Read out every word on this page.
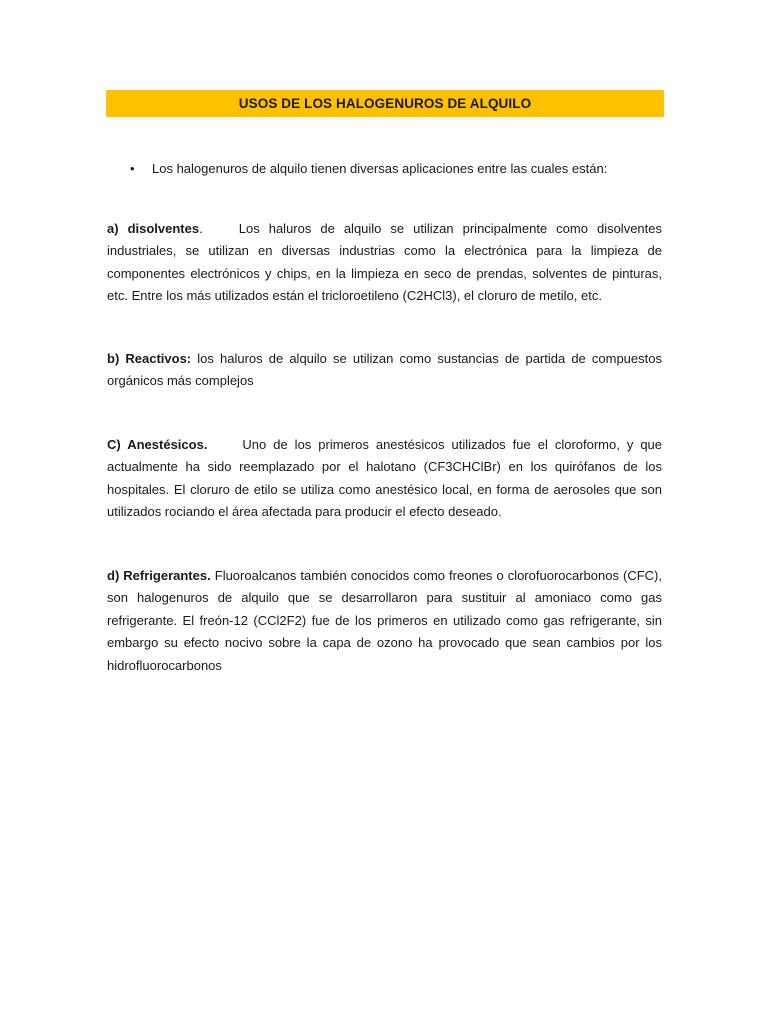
USOS DE LOS HALOGENUROS DE ALQUILO
•	Los halogenuros de alquilo tienen diversas aplicaciones entre las cuales están:

a) disolventes.	Los haluros de alquilo se utilizan principalmente como disolventes industriales, se utilizan en diversas industrias como la electrónica para la limpieza de componentes electrónicos y chips, en la limpieza en seco de prendas, solventes de pinturas, etc. Entre los más utilizados están el tricloroetileno (C2HCl3), el cloruro de metilo, etc.

b) Reactivos: los haluros de alquilo se utilizan como sustancias de partida de compuestos orgánicos más complejos

C) Anestésicos.	Uno de los primeros anestésicos utilizados fue el cloroformo, y que actualmente ha sido reemplazado por el halotano (CF3CHClBr) en los quirófanos de los hospitales. El cloruro de etilo se utiliza como anestésico local, en forma de aerosoles que son utilizados rociando el área afectada para producir el efecto deseado.

d) Refrigerantes. Fluoroalcanos también conocidos como freones o clorofuorocarbonos (CFC), son halogenuros de alquilo que se desarrollaron para sustituir al amoniaco como gas refrigerante. El freón-12 (CCl2F2) fue de los primeros en utilizado como gas refrigerante, sin embargo su efecto nocivo sobre la capa de ozono ha provocado que sean cambios por los hidrofluorocarbonos
